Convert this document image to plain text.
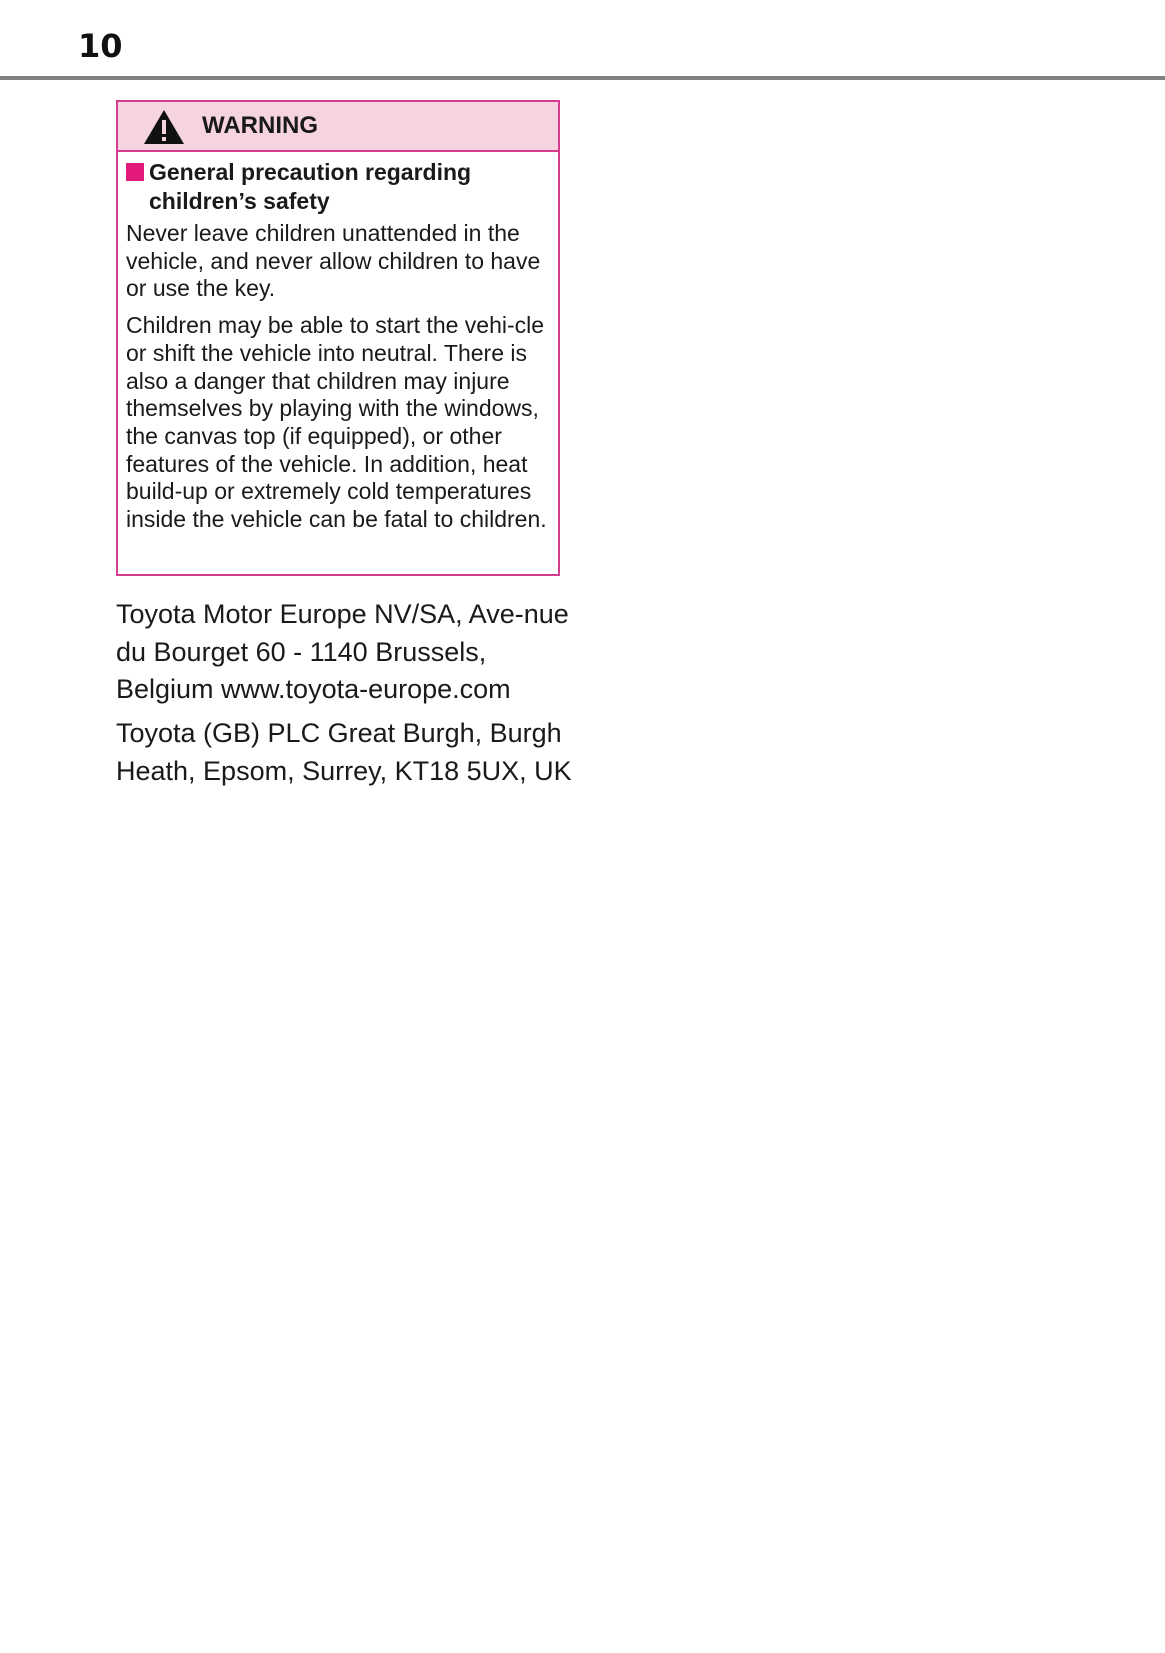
10
WARNING
General precaution regarding children’s safety

Never leave children unattended in the vehicle, and never allow children to have or use the key.

Children may be able to start the vehi-cle or shift the vehicle into neutral. There is also a danger that children may injure themselves by playing with the windows, the canvas top (if equipped), or other features of the vehicle. In addition, heat build-up or extremely cold temperatures inside the vehicle can be fatal to children.

Toyota Motor Europe NV/SA, Ave-nue du Bourget 60 - 1140 Brussels, Belgium www.toyota-europe.com

Toyota (GB) PLC Great Burgh, Burgh Heath, Epsom, Surrey, KT18 5UX, UK
